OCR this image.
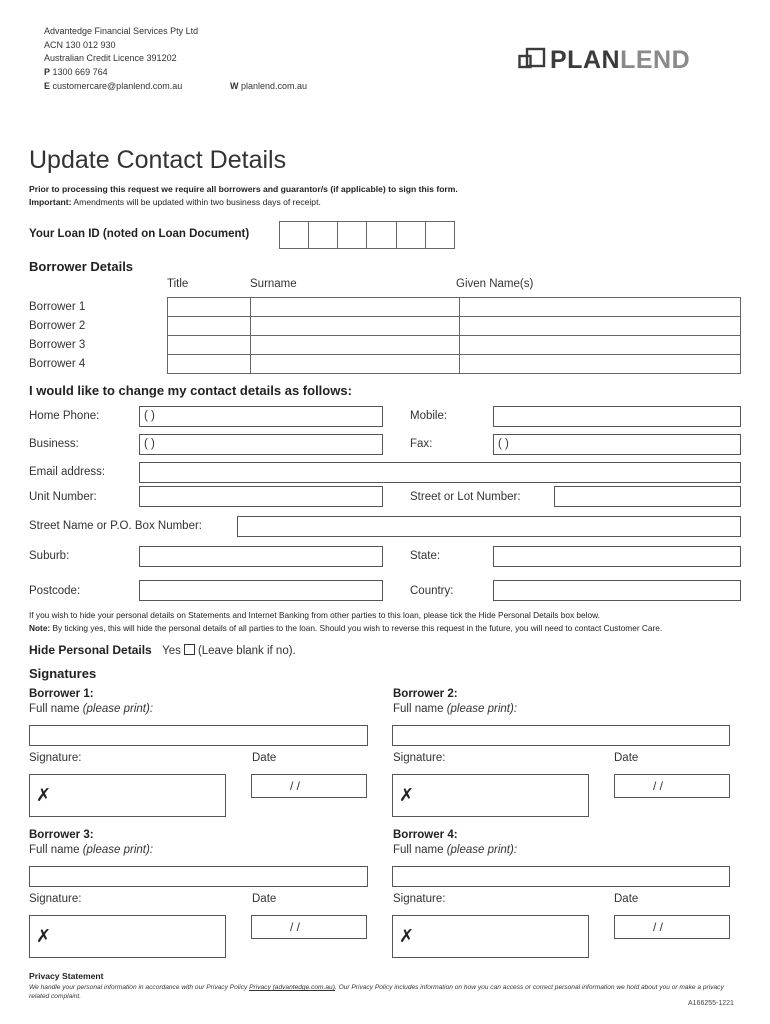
Advantedge Financial Services Pty Ltd
ACN 130 012 930
Australian Credit Licence 391202
P 1300 669 764
E customercare@planlend.com.au	W planlend.com.au
PLANLEND
Update Contact Details
Prior to processing this request we require all borrowers and guarantor/s (if applicable) to sign this form.
Important: Amendments will be updated within two business days of receipt.
Your Loan ID (noted on Loan Document)

Borrower Details
Title	Surname	Given Name(s)
Borrower 1
Borrower 2
Borrower 3
Borrower 4

I would like to change my contact details as follows:
Home Phone:	( )	Mobile:
Business:	( )	Fax:	( )
Email address:
Unit Number:	Street or Lot Number:
Street Name or P.O. Box Number:
Suburb:	State:
Postcode:	Country:
If you wish to hide your personal details on Statements and Internet Banking from other parties to this loan, please tick the Hide Personal Details box below.
Note: By ticking yes, this will hide the personal details of all parties to the loan. Should you wish to reverse this request in the future, you will need to contact Customer Care.
Hide Personal Details Yes (Leave blank if no).
Signatures
Borrower 1:
Full name (please print):
Signature:	Date
✗	/ /
Borrower 2:
Full name (please print):
Signature:	Date
✗	/ /
Borrower 3:
Full name (please print):
Signature:	Date
✗	/ /
Borrower 4:
Full name (please print):
Signature:	Date
✗	/ /
Privacy Statement
We handle your personal information in accordance with our Privacy Policy Privacy (advantedge.com.au). Our Privacy Policy includes information on how you can access or correct personal information we hold about you or make a privacy related complaint.
A166255-1221
